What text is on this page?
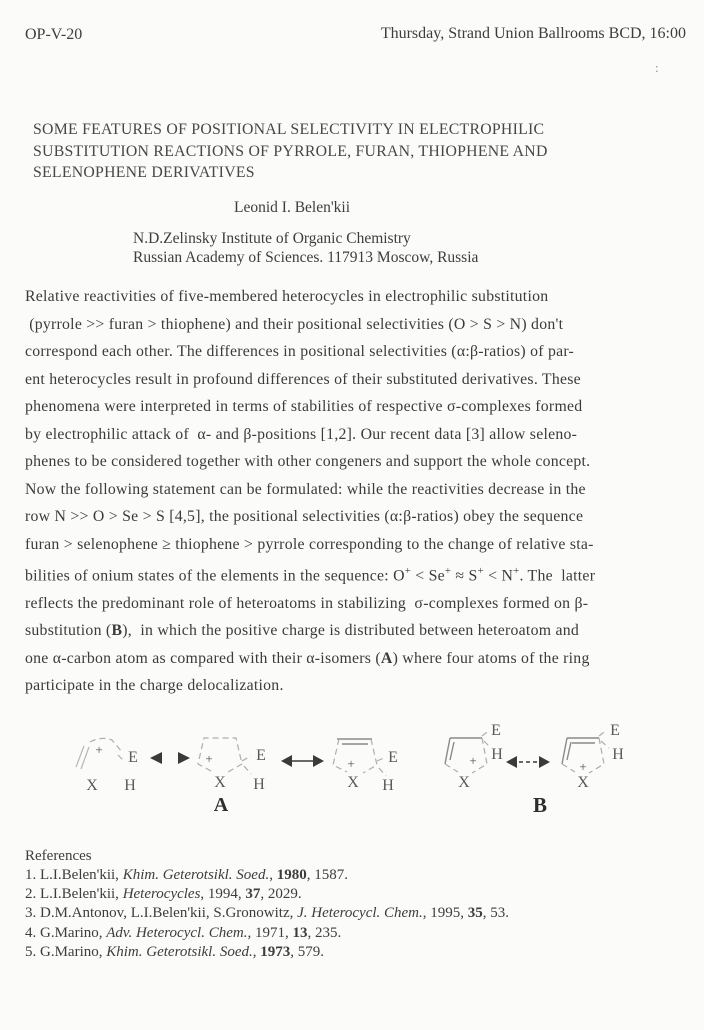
OP-V-20	Thursday, Strand Union Ballrooms BCD, 16:00
:
SOME FEATURES OF POSITIONAL SELECTIVITY IN ELECTROPHILIC
SUBSTITUTION REACTIONS OF PYRROLE, FURAN, THIOPHENE AND
SELENOPHENE DERIVATIVES
Leonid I. Belen'kii
N.D.Zelinsky Institute of Organic Chemistry
Russian Academy of Sciences. 117913 Moscow, Russia
Relative reactivities of five-membered heterocycles in electrophilic substitution
(pyrrole >> furan > thiophene) and their positional selectivities (O > S > N) don't
correspond each other. The differences in positional selectivities (α:β-ratios) of par-
ent heterocycles result in profound differences of their substituted derivatives. These
phenomena were interpreted in terms of stabilities of respective σ-complexes formed
by electrophilic attack of  α- and β-positions [1,2]. Our recent data [3] allow seleno-
phenes to be considered together with other congeners and support the whole concept.
Now the following statement can be formulated: while the reactivities decrease in the
row N >> O > Se > S [4,5], the positional selectivities (α:β-ratios) obey the sequence
furan > selenophene ≥ thiophene > pyrrole corresponding to the change of relative sta-
bilities of onium states of the elements in the sequence: O+ < Se+ ≈ S+ < N+. The  latter
reflects the predominant role of heteroatoms in stabilizing  σ-complexes formed on β-
substitution (B),  in which the positive charge is distributed between heteroatom and
one α-carbon atom as compared with their α-isomers (A) where four atoms of the ring
participate in the charge delocalization.
+ E
X H
+
X
E
H
A
+
X
E
H
+
X
E
H
+
X
E
H
B
References
1. L.I.Belen'kii, Khim. Geterotsikl. Soed., 1980, 1587.
2. L.I.Belen'kii, Heterocycles, 1994, 37, 2029.
3. D.M.Antonov, L.I.Belen'kii, S.Gronowitz, J. Heterocycl. Chem., 1995, 35, 53.
4. G.Marino, Adv. Heterocycl. Chem., 1971, 13, 235.
5. G.Marino, Khim. Geterotsikl. Soed., 1973, 579.
